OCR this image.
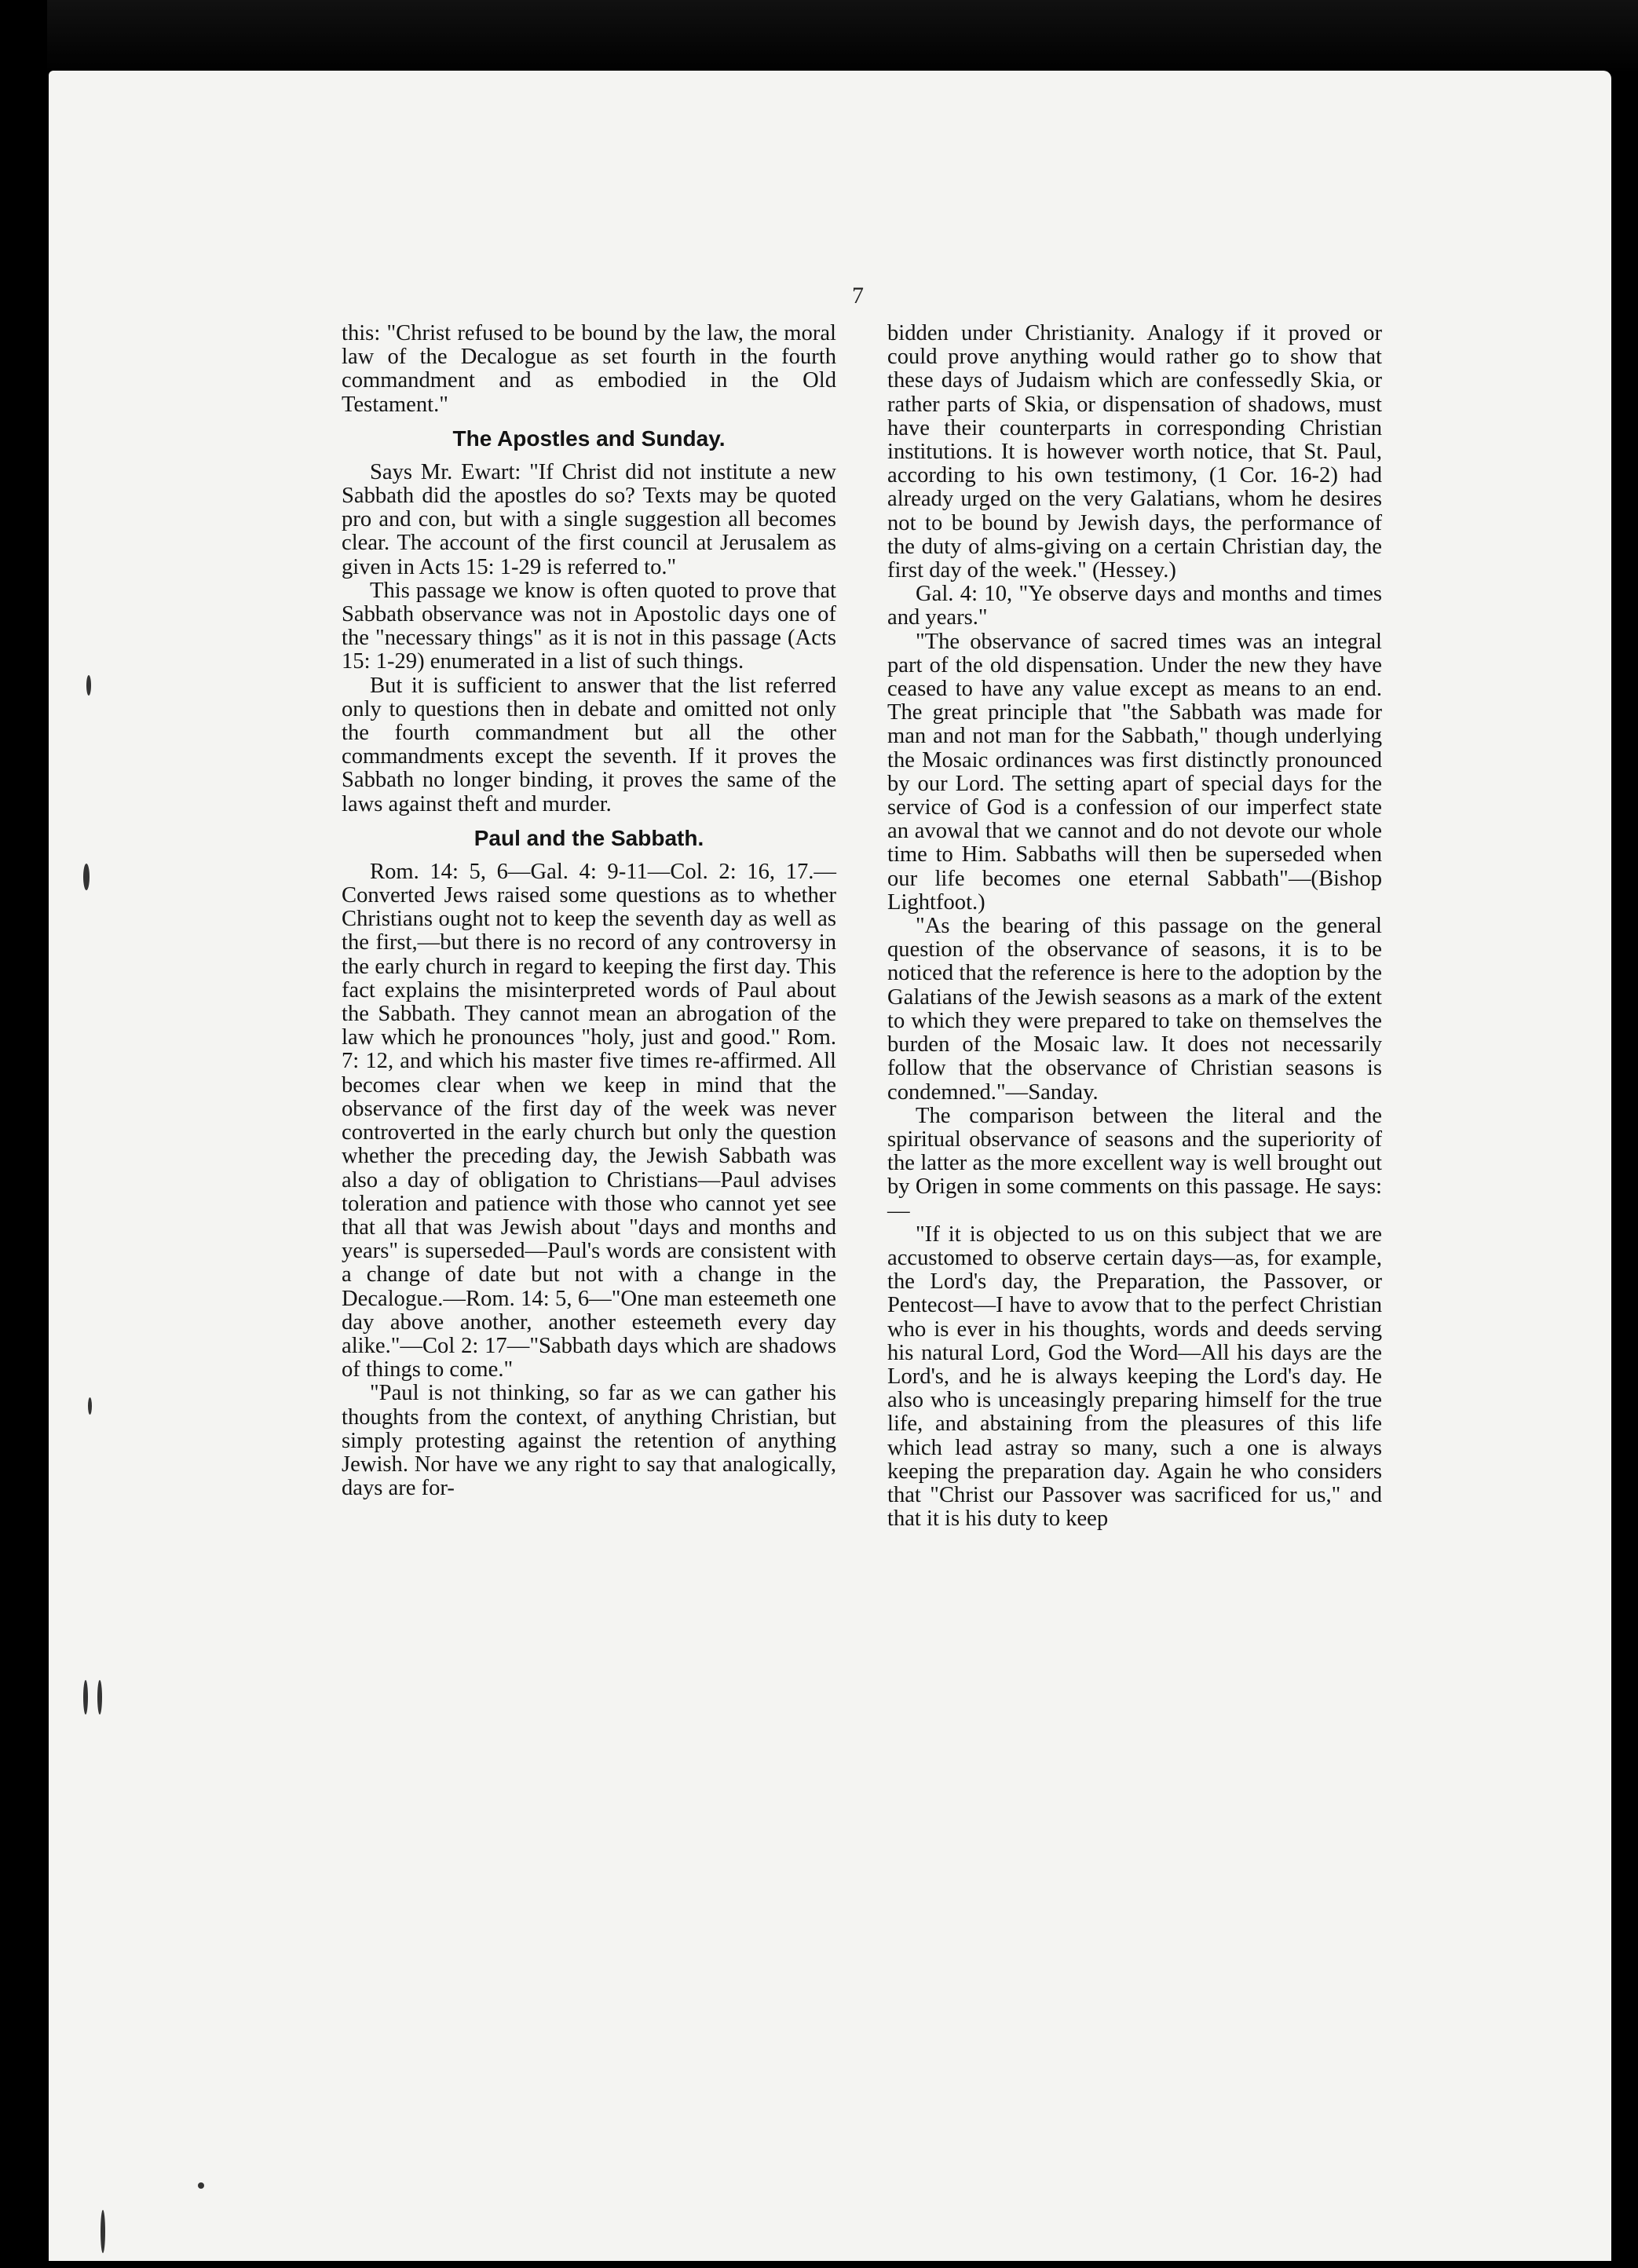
7

this: "Christ refused to be bound by the law, the moral law of the Decalogue as set fourth in the fourth commandment and as embodied in the Old Testament."

The Apostles and Sunday.

Says Mr. Ewart: "If Christ did not institute a new Sabbath did the apostles do so? Texts may be quoted pro and con, but with a single suggestion all becomes clear. The account of the first council at Jerusalem as given in Acts 15: 1-29 is referred to."

This passage we know is often quoted to prove that Sabbath observance was not in Apostolic days one of the "necessary things" as it is not in this passage (Acts 15: 1-29) enumerated in a list of such things.

But it is sufficient to answer that the list referred only to questions then in debate and omitted not only the fourth commandment but all the other commandments except the seventh. If it proves the Sabbath no longer binding, it proves the same of the laws against theft and murder.

Paul and the Sabbath.

Rom. 14: 5, 6—Gal. 4: 9-11—Col. 2: 16, 17.—Converted Jews raised some questions as to whether Christians ought not to keep the seventh day as well as the first,—but there is no record of any controversy in the early church in regard to keeping the first day. This fact explains the misinterpreted words of Paul about the Sabbath. They cannot mean an abrogation of the law which he pronounces "holy, just and good." Rom. 7: 12, and which his master five times re-affirmed. All becomes clear when we keep in mind that the observance of the first day of the week was never controverted in the early church but only the question whether the preceding day, the Jewish Sabbath was also a day of obligation to Christians—Paul advises toleration and patience with those who cannot yet see that all that was Jewish about "days and months and years" is superseded—Paul's words are consistent with a change of date but not with a change in the Decalogue.—Rom. 14: 5, 6—"One man esteemeth one day above another, another esteemeth every day alike."—Col 2: 17—"Sabbath days which are shadows of things to come."

"Paul is not thinking, so far as we can gather his thoughts from the context, of anything Christian, but simply protesting against the retention of anything Jewish. Nor have we any right to say that analogically, days are for-

bidden under Christianity. Analogy if it proved or could prove anything would rather go to show that these days of Judaism which are confessedly Skia, or rather parts of Skia, or dispensation of shadows, must have their counterparts in corresponding Christian institutions. It is however worth notice, that St. Paul, according to his own testimony, (1 Cor. 16-2) had already urged on the very Galatians, whom he desires not to be bound by Jewish days, the performance of the duty of alms-giving on a certain Christian day, the first day of the week." (Hessey.)

Gal. 4: 10, "Ye observe days and months and times and years."

"The observance of sacred times was an integral part of the old dispensation. Under the new they have ceased to have any value except as means to an end. The great principle that "the Sabbath was made for man and not man for the Sabbath," though underlying the Mosaic ordinances was first distinctly pronounced by our Lord. The setting apart of special days for the service of God is a confession of our imperfect state an avowal that we cannot and do not devote our whole time to Him. Sabbaths will then be superseded when our life becomes one eternal Sabbath"—(Bishop Lightfoot.)

"As the bearing of this passage on the general question of the observance of seasons, it is to be noticed that the reference is here to the adoption by the Galatians of the Jewish seasons as a mark of the extent to which they were prepared to take on themselves the burden of the Mosaic law. It does not necessarily follow that the observance of Christian seasons is condemned."—Sanday.

The comparison between the literal and the spiritual observance of seasons and the superiority of the latter as the more excellent way is well brought out by Origen in some comments on this passage. He says:—

"If it is objected to us on this subject that we are accustomed to observe certain days—as, for example, the Lord's day, the Preparation, the Passover, or Pentecost—I have to avow that to the perfect Christian who is ever in his thoughts, words and deeds serving his natural Lord, God the Word—All his days are the Lord's, and he is always keeping the Lord's day. He also who is unceasingly preparing himself for the true life, and abstaining from the pleasures of this life which lead astray so many, such a one is always keeping the preparation day. Again he who considers that "Christ our Passover was sacrificed for us," and that it is his duty to keep
